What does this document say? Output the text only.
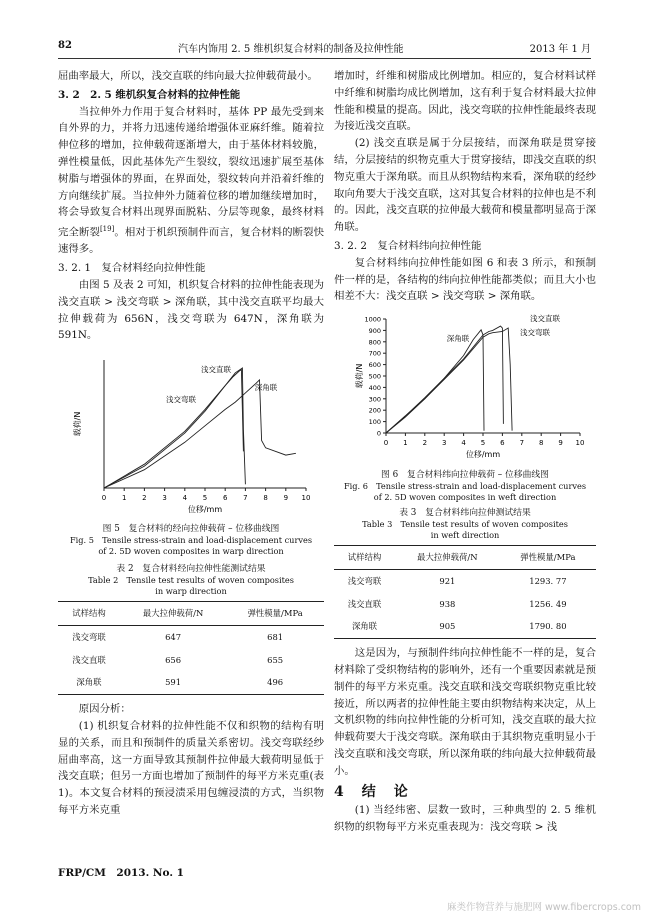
82	汽车内饰用 2. 5 维机织复合材料的制备及拉伸性能	2013 年 1 月

屈曲率最大，所以，浅交直联的纬向最大拉伸载荷最小。

3. 2　2. 5 维机织复合材料的拉伸性能

当拉伸外力作用于复合材料时，基体 PP 最先受到来自外界的力，并将力迅速传递给增强体亚麻纤维。随着拉伸位移的增加，拉伸载荷逐渐增大，由于基体材料较脆，弹性模量低，因此基体先产生裂纹，裂纹迅速扩展至基体树脂与增强体的界面，在界面处，裂纹转向并沿着纤维的方向继续扩展。当拉伸外力随着位移的增加继续增加时，将会导致复合材料出现界面脱粘、分层等现象，最终材料完全断裂[19]。相对于机织预制件而言，复合材料的断裂快速得多。

3. 2. 1　复合材料经向拉伸性能

由图 5 及表 2 可知，机织复合材料的拉伸性能表现为浅交直联 > 浅交弯联 > 深角联，其中浅交直联平均最大拉伸载荷为 656N，浅交弯联为 647N，深角联为 591N。

0 1 2 3 4 5 6 7 8 9 10
位移/mm
载荷/N
浅交直联
浅交弯联
深角联
图 5　复合材料的经向拉伸载荷 – 位移曲线图
Fig. 5　Tensile stress-strain and load-displacement curves
of 2. 5D woven composites in warp direction
表 2　复合材料经向拉伸性能测试结果
Table 2　Tensile test results of woven composites
in warp direction
试样结构	最大拉伸载荷/N	弹性模量/MPa
浅交弯联	647	681
浅交直联	656	655
深角联	591	496

原因分析：

(1) 机织复合材料的拉伸性能不仅和织物的结构有明显的关系，而且和预制件的质量关系密切。浅交弯联经纱屈曲率高，这一方面导致其预制件拉伸最大载荷明显低于浅交直联；但另一方面也增加了预制件的每平方米克重(表 1)。本文复合材料的预浸渍采用包缠浸渍的方式，当织物每平方米克重

增加时，纤维和树脂成比例增加。相应的，复合材料试样中纤维和树脂均成比例增加，这有利于复合材料最大拉伸性能和模量的提高。因此，浅交弯联的拉伸性能最终表现为接近浅交直联。

(2) 浅交直联是属于分层接结，而深角联是贯穿接结，分层接结的织物克重大于贯穿接结，即浅交直联的织物克重大于深角联。而且从织物结构来看，深角联的经纱取向角要大于浅交直联，这对其复合材料的拉伸也是不利的。因此，浅交直联的拉伸最大载荷和模量都明显高于深角联。

3. 2. 2　复合材料纬向拉伸性能

复合材料纬向拉伸性能如图 6 和表 3 所示，和预制件一样的是，各结构的纬向拉伸性能都类似；而且大小也相差不大：浅交直联 > 浅交弯联 > 深角联。

0 1 2 3 4 5 6 7 8 9 10
0
100
200
300
400
500
600
700
800
900
1000
位移/mm
载荷/N
浅交直联
浅交弯联
深角联
图 6　复合材料纬向拉伸载荷 – 位移曲线图
Fig. 6　Tensile stress-strain and load-displacement curves
of 2. 5D woven composites in weft direction
表 3　复合材料纬向拉伸测试结果
Table 3　Tensile test results of woven composites
in weft direction
试样结构	最大拉伸载荷/N	弹性模量/MPa
浅交弯联	921	1293. 77
浅交直联	938	1256. 49
深角联	905	1790. 80

这是因为，与预制件纬向拉伸性能不一样的是，复合材料除了受织物结构的影响外，还有一个重要因素就是预制件的每平方米克重。浅交直联和浅交弯联织物克重比较接近，所以两者的拉伸性能主要由织物结构来决定，从上文机织物的纬向拉伸性能的分析可知，浅交直联的最大拉伸载荷要大于浅交弯联。深角联由于其织物克重明显小于浅交直联和浅交弯联，所以深角联的纬向最大拉伸载荷最小。

4　结　论

(1) 当经纬密、层数一致时，三种典型的 2. 5 维机织物的织物每平方米克重表现为：浅交弯联 > 浅

FRP/CM　2013. No. 1
麻类作物营养与施肥网 www.fibercrops.com
